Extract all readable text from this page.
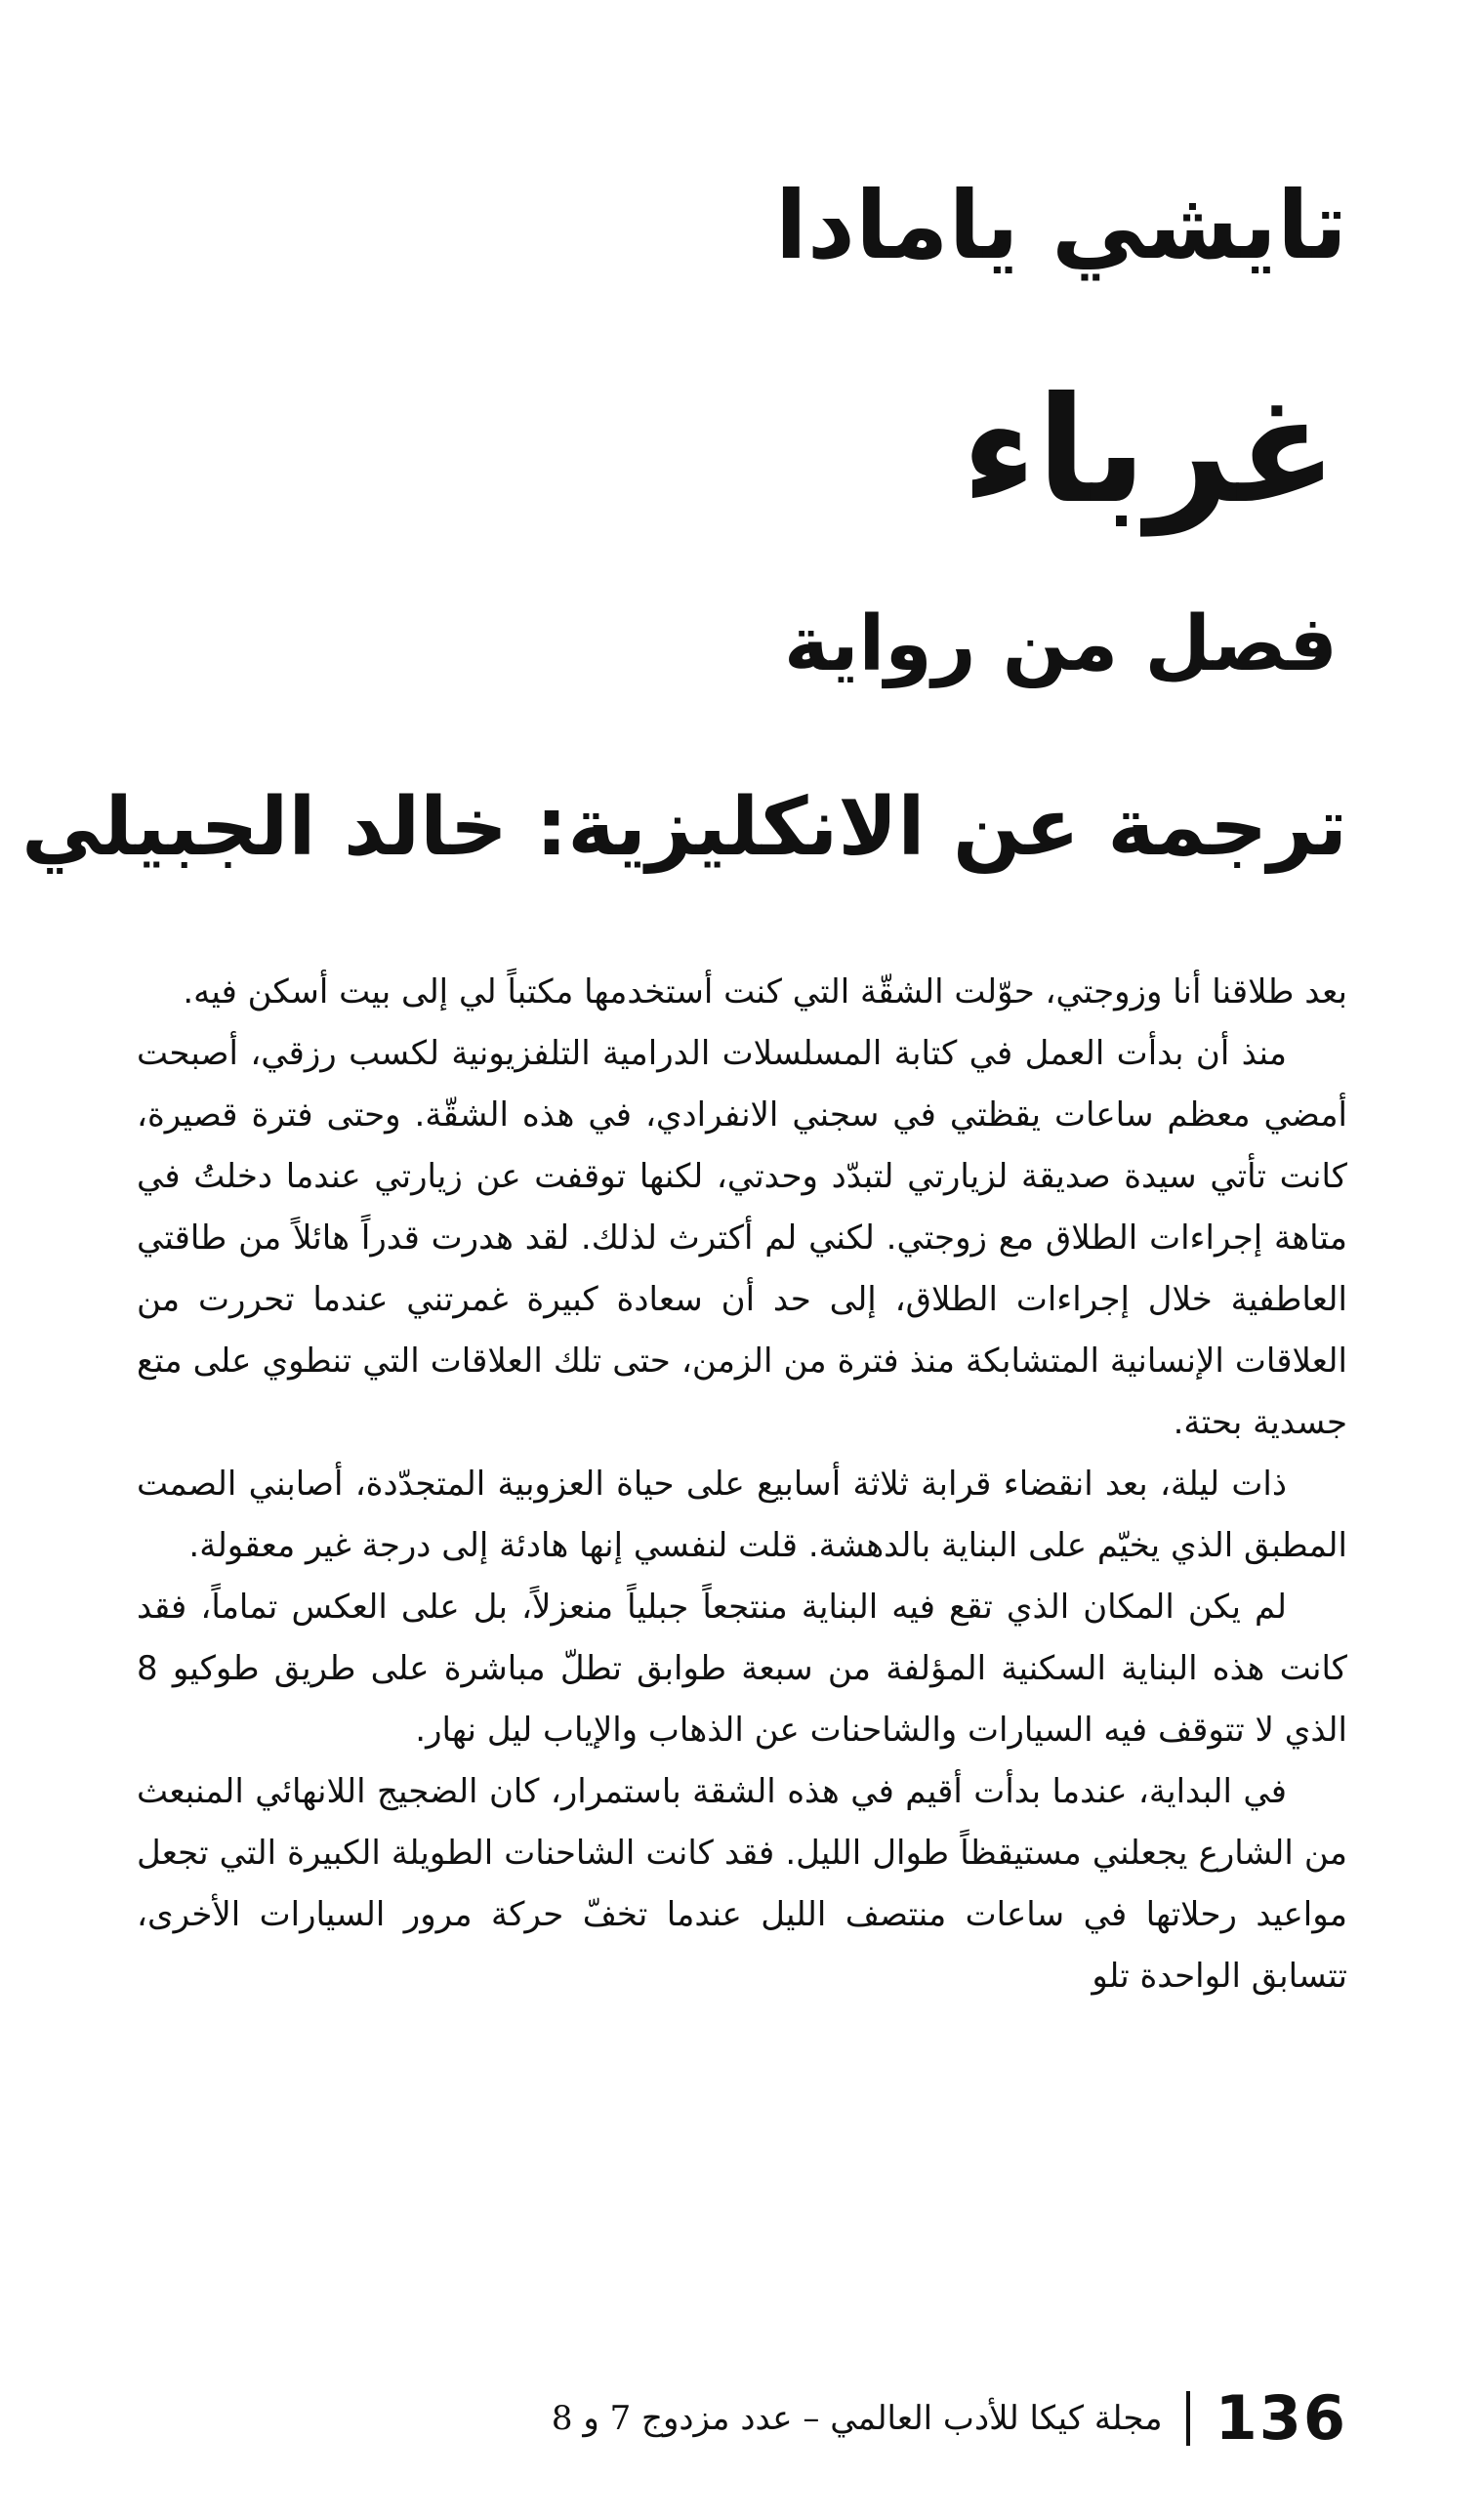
تايشي يامادا
غرباء
فصل من رواية
ترجمة عن الانكليزية: خالد الجبيلي

بعد طلاقنا أنا وزوجتي، حوّلت الشقّة التي كنت أستخدمها مكتباً لي إلى بيت أسكن فيه.

منذ أن بدأت العمل في كتابة المسلسلات الدرامية التلفزيونية لكسب رزقي، أصبحت أمضي معظم ساعات يقظتي في سجني الانفرادي، في هذه الشقّة. وحتى فترة قصيرة، كانت تأتي سيدة صديقة لزيارتي لتبدّد وحدتي، لكنها توقفت عن زيارتي عندما دخلتُ في متاهة إجراءات الطلاق مع زوجتي. لكني لم أكترث لذلك. لقد هدرت قدراً هائلاً من طاقتي العاطفية خلال إجراءات الطلاق، إلى حد أن سعادة كبيرة غمرتني عندما تحررت من العلاقات الإنسانية المتشابكة منذ فترة من الزمن، حتى تلك العلاقات التي تنطوي على متع جسدية بحتة.

ذات ليلة، بعد انقضاء قرابة ثلاثة أسابيع على حياة العزوبية المتجدّدة، أصابني الصمت المطبق الذي يخيّم على البناية بالدهشة. قلت لنفسي إنها هادئة إلى درجة غير معقولة.

لم يكن المكان الذي تقع فيه البناية منتجعاً جبلياً منعزلاً، بل على العكس تماماً، فقد كانت هذه البناية السكنية المؤلفة من سبعة طوابق تطلّ مباشرة على طريق طوكيو 8 الذي لا تتوقف فيه السيارات والشاحنات عن الذهاب والإياب ليل نهار.

في البداية، عندما بدأت أقيم في هذه الشقة باستمرار، كان الضجيج اللانهائي المنبعث من الشارع يجعلني مستيقظاً طوال الليل. فقد كانت الشاحنات الطويلة الكبيرة التي تجعل مواعيد رحلاتها في ساعات منتصف الليل عندما تخفّ حركة مرور السيارات الأخرى، تتسابق الواحدة تلو

136
مجلة كيكا للأدب العالمي – عدد مزدوج 7 و 8
